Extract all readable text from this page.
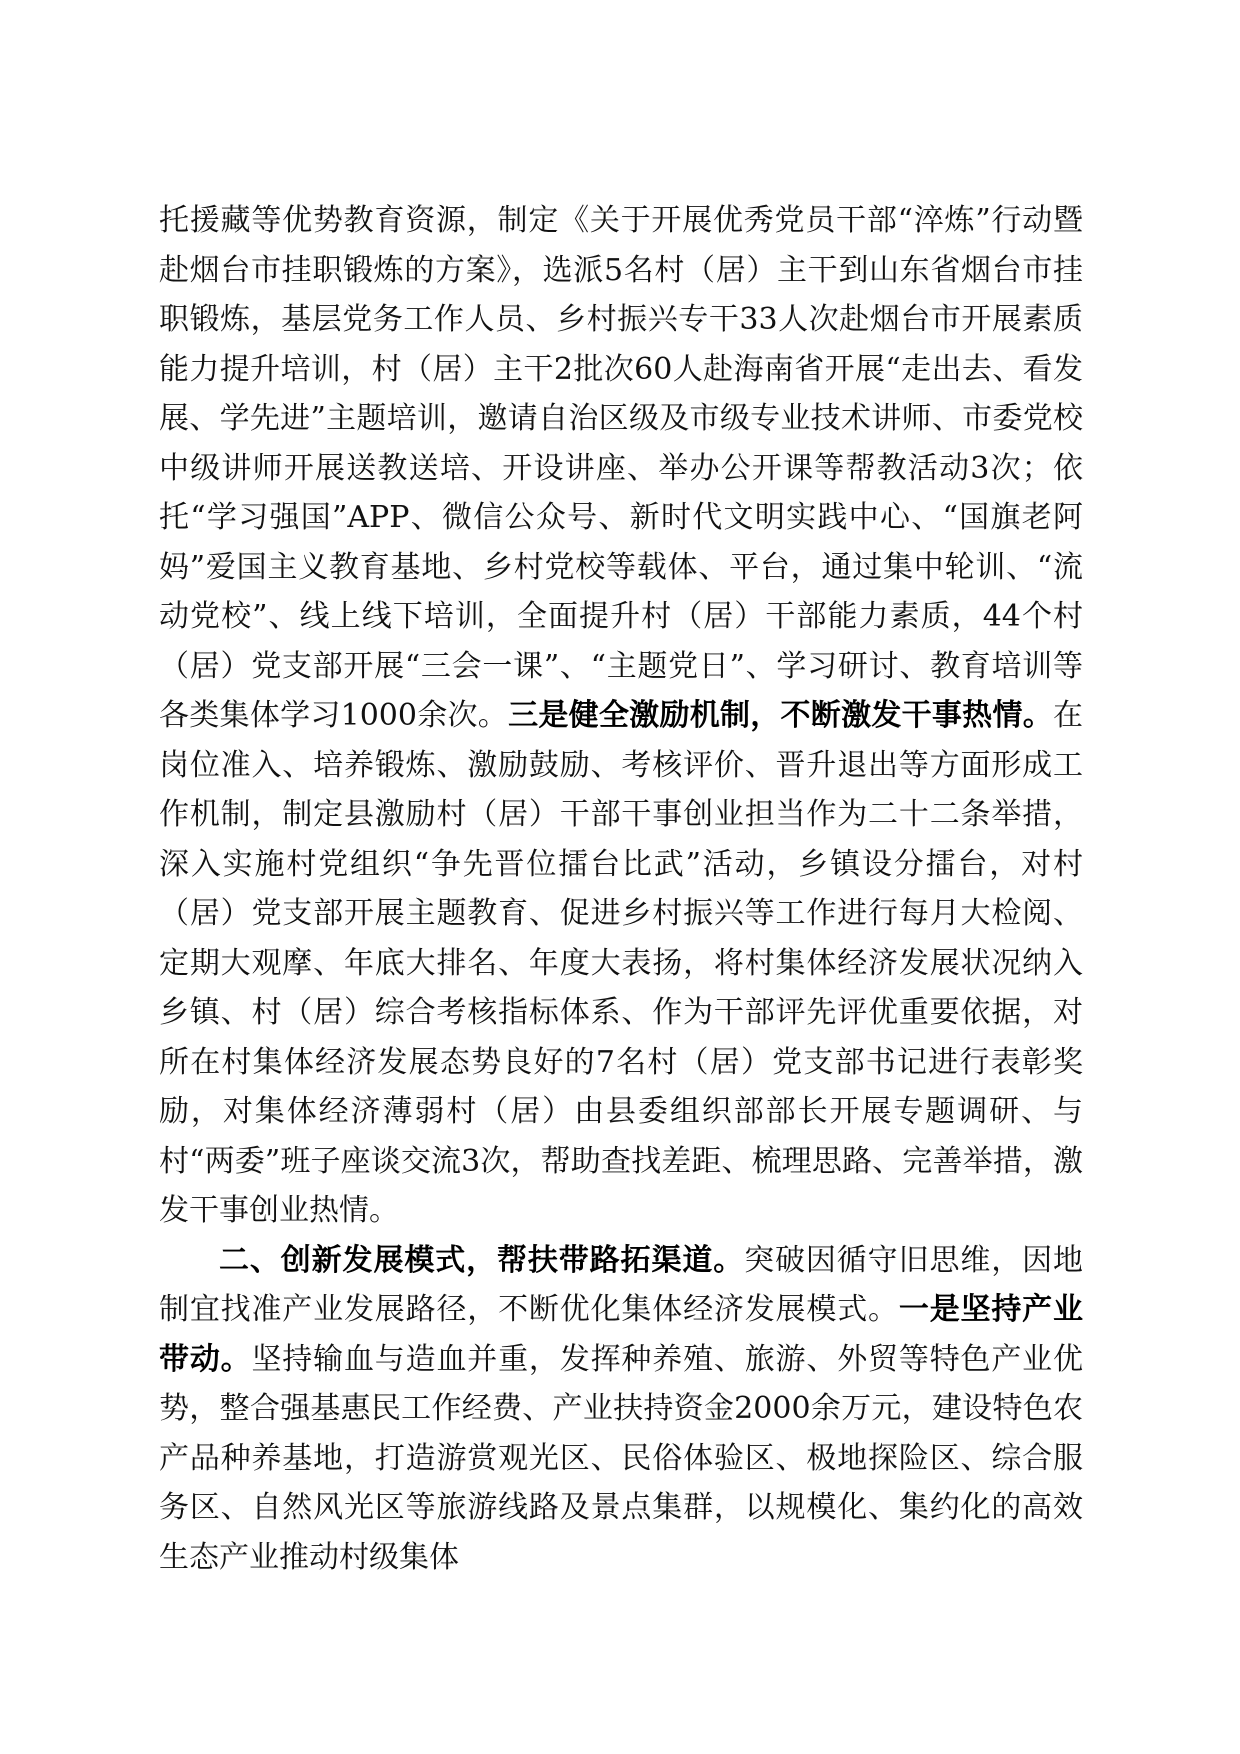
托援藏等优势教育资源，制定《关于开展优秀党员干部“淬炼”行动暨赴烟台市挂职锻炼的方案》，选派5名村（居）主干到山东省烟台市挂职锻炼，基层党务工作人员、乡村振兴专干33人次赴烟台市开展素质能力提升培训，村（居）主干2批次60人赴海南省开展“走出去、看发展、学先进”主题培训，邀请自治区级及市级专业技术讲师、市委党校中级讲师开展送教送培、开设讲座、举办公开课等帮教活动3次；依托“学习强国”APP、微信公众号、新时代文明实践中心、“国旗老阿妈”爱国主义教育基地、乡村党校等载体、平台，通过集中轮训、“流动党校”、线上线下培训，全面提升村（居）干部能力素质，44个村（居）党支部开展“三会一课”、“主题党日”、学习研讨、教育培训等各类集体学习1000余次。三是健全激励机制，不断激发干事热情。在岗位准入、培养锻炼、激励鼓励、考核评价、晋升退出等方面形成工作机制，制定县激励村（居）干部干事创业担当作为二十二条举措，深入实施村党组织“争先晋位擂台比武”活动，乡镇设分擂台，对村（居）党支部开展主题教育、促进乡村振兴等工作进行每月大检阅、定期大观摩、年底大排名、年度大表扬，将村集体经济发展状况纳入乡镇、村（居）综合考核指标体系、作为干部评先评优重要依据，对所在村集体经济发展态势良好的7名村（居）党支部书记进行表彰奖励，对集体经济薄弱村（居）由县委组织部部长开展专题调研、与村“两委”班子座谈交流3次，帮助查找差距、梳理思路、完善举措，激发干事创业热情。

二、创新发展模式，帮扶带路拓渠道。突破因循守旧思维，因地制宜找准产业发展路径，不断优化集体经济发展模式。一是坚持产业带动。坚持输血与造血并重，发挥种养殖、旅游、外贸等特色产业优势，整合强基惠民工作经费、产业扶持资金2000余万元，建设特色农产品种养基地，打造游赏观光区、民俗体验区、极地探险区、综合服务区、自然风光区等旅游线路及景点集群，以规模化、集约化的高效生态产业推动村级集体
